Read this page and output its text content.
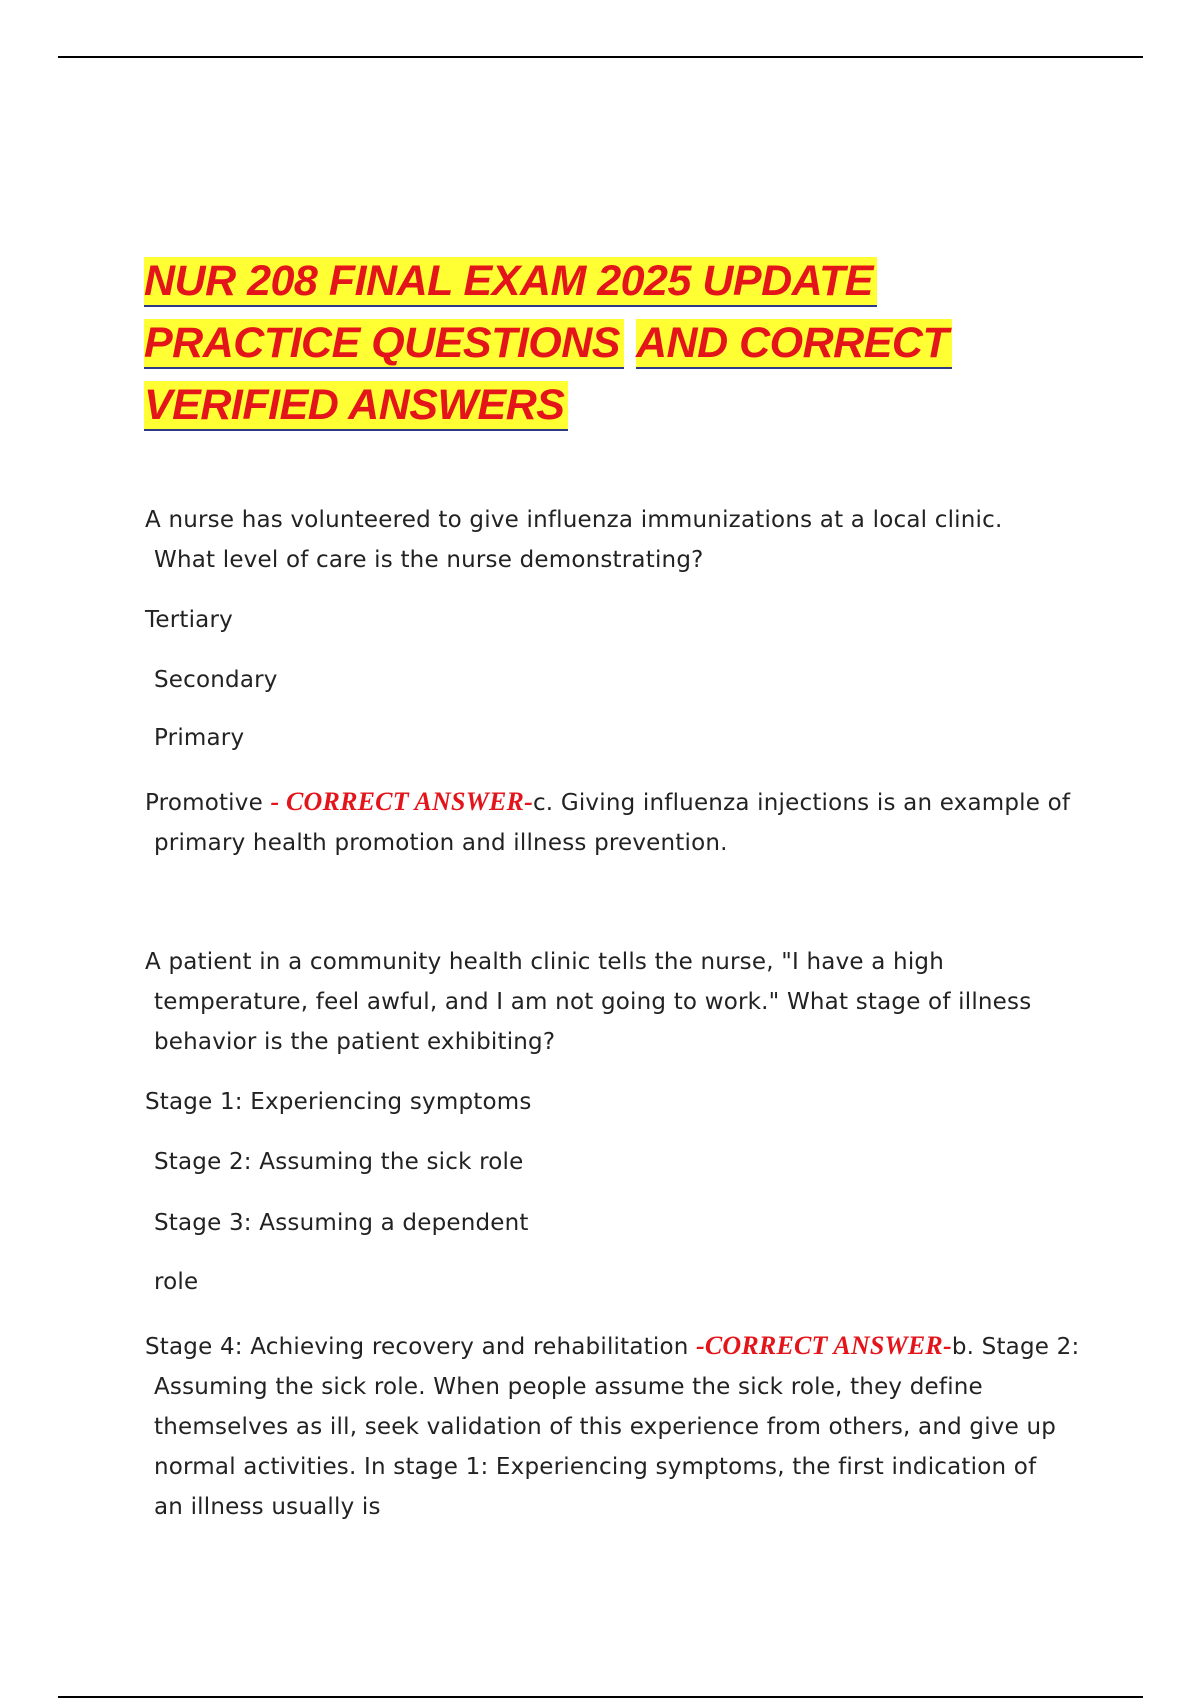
NUR 208 FINAL EXAM 2025 UPDATE
PRACTICE QUESTIONS AND CORRECT
VERIFIED ANSWERS

A nurse has volunteered to give influenza immunizations at a local clinic.
What level of care is the nurse demonstrating?

Tertiary
Secondary
Primary
Promotive - CORRECT ANSWER-c. Giving influenza injections is an example of
primary health promotion and illness prevention.

A patient in a community health clinic tells the nurse, "I have a high
temperature, feel awful, and I am not going to work." What stage of illness
behavior is the patient exhibiting?

Stage 1: Experiencing symptoms
Stage 2: Assuming the sick role
Stage 3: Assuming a dependent
role
Stage 4: Achieving recovery and rehabilitation -CORRECT ANSWER-b. Stage 2:
Assuming the sick role. When people assume the sick role, they define
themselves as ill, seek validation of this experience from others, and give up
normal activities. In stage 1: Experiencing symptoms, the first indication of
an illness usually is
